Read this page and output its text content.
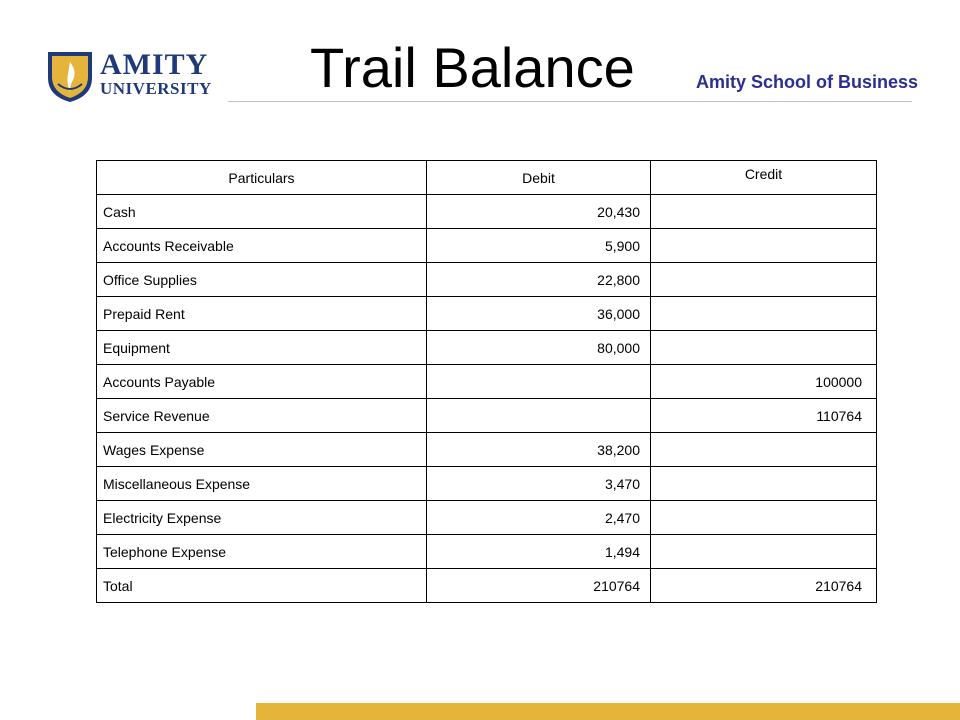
AMITY
UNIVERSITY Trail Balance	Amity School of Business
Particulars	Debit	Credit
Cash	20,430	
Accounts Receivable	5,900	
Office Supplies	22,800	
Prepaid Rent	36,000	
Equipment	80,000	
Accounts Payable		100000
Service Revenue		110764
Wages Expense	38,200	
Miscellaneous Expense	3,470	
Electricity Expense	2,470	
Telephone Expense	1,494	
Total	210764	210764
